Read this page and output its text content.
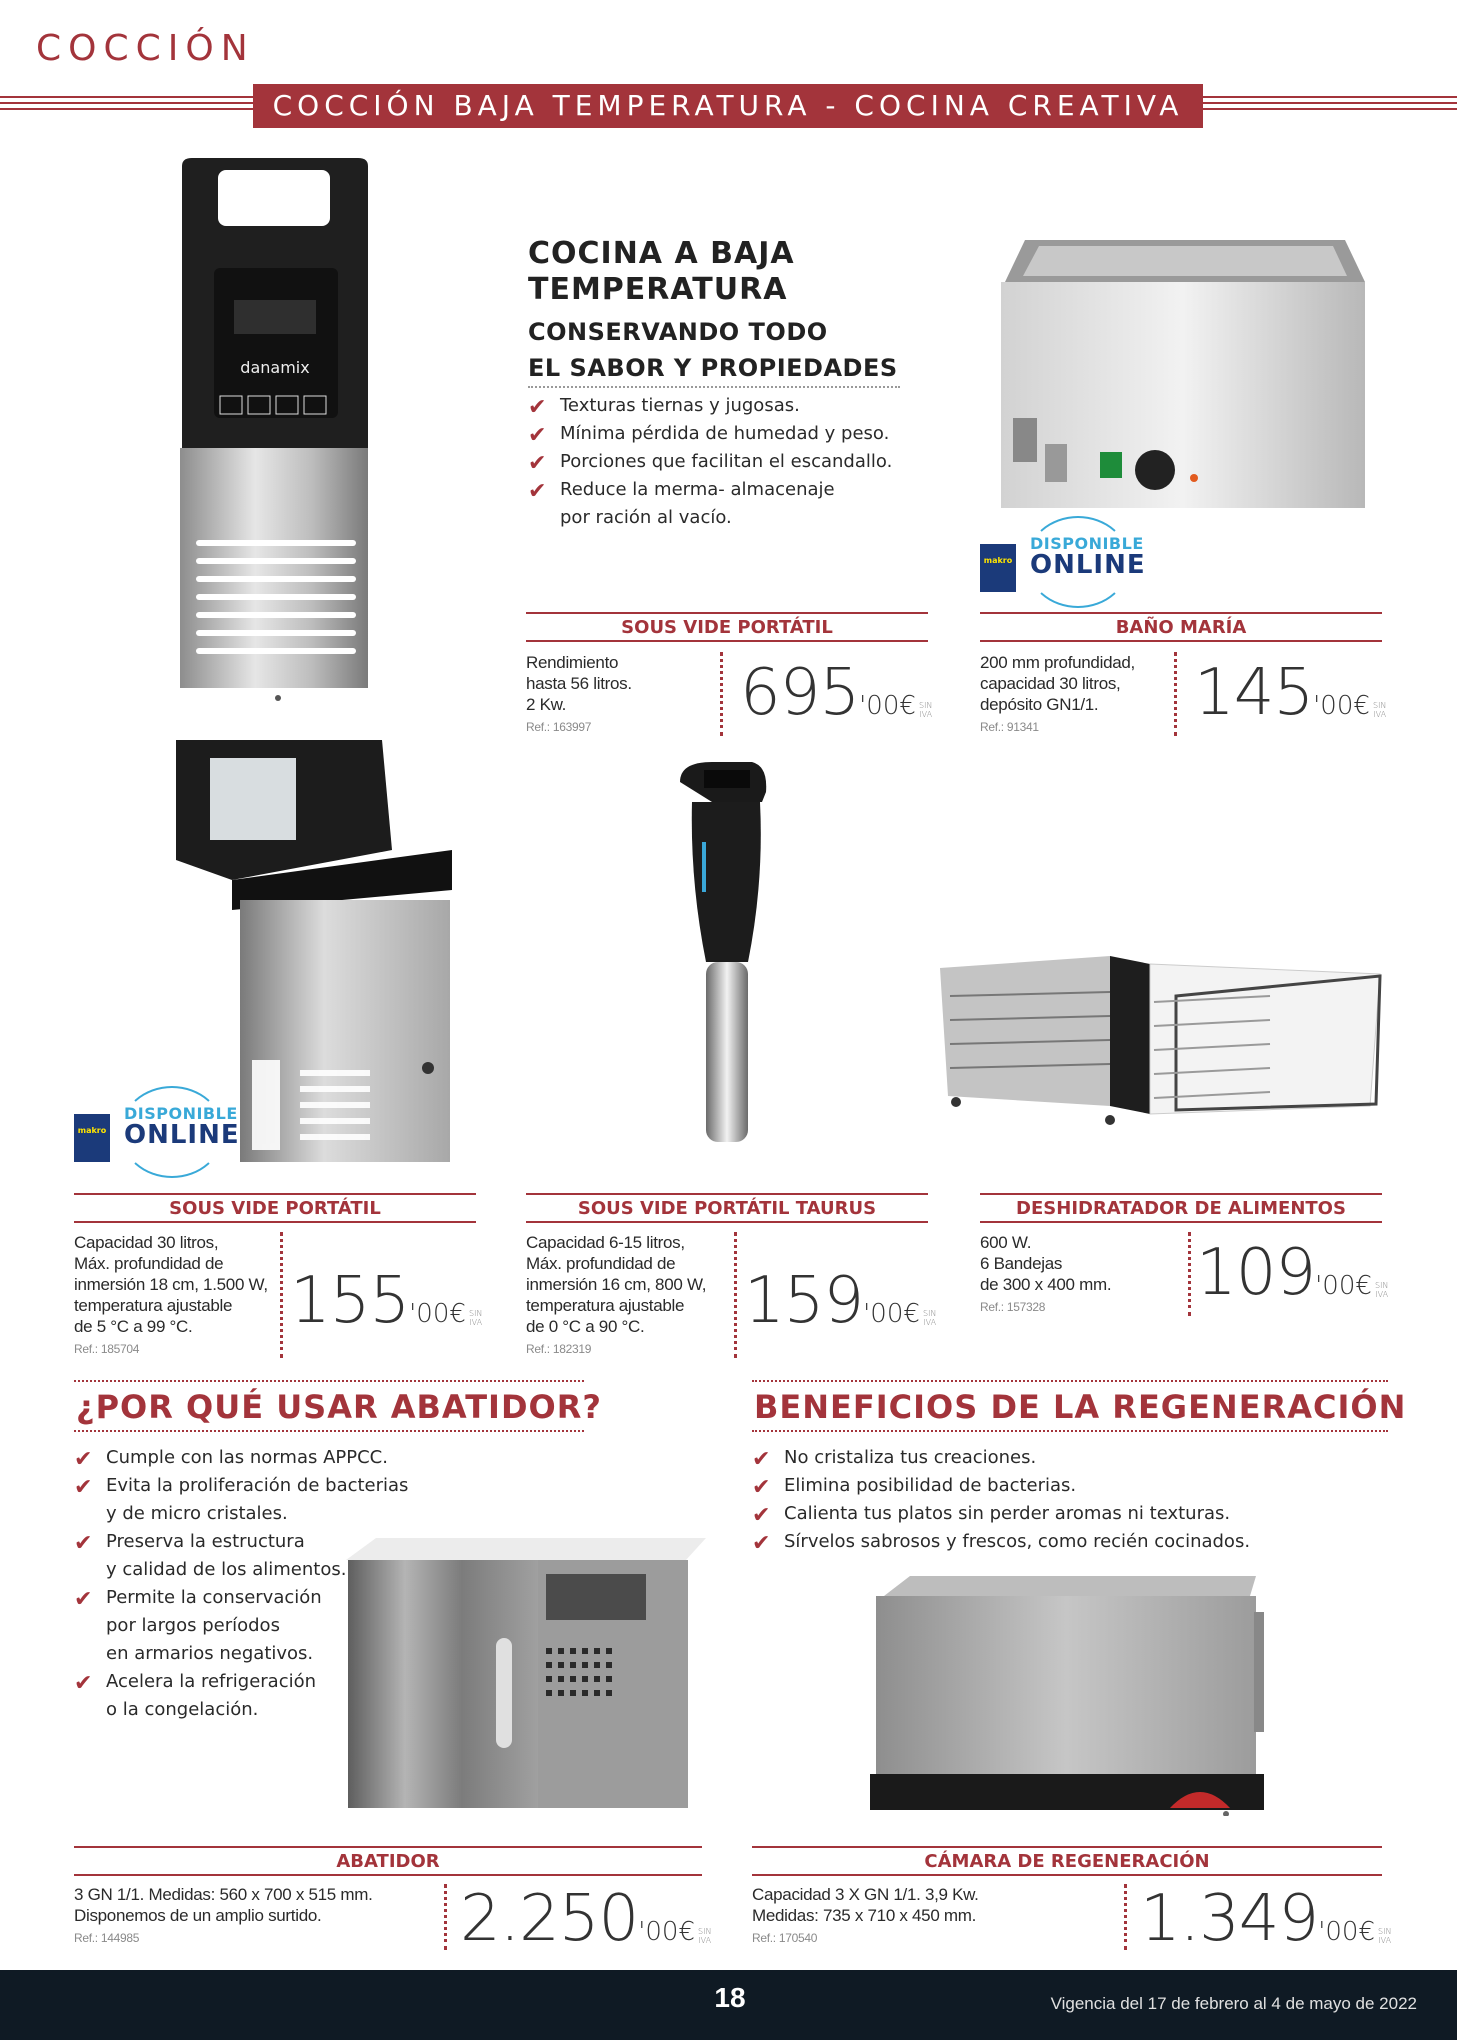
COCCIÓN
COCCIÓN BAJA TEMPERATURA - COCINA CREATIVA
danamix
COCINA A BAJA
TEMPERATURA
CONSERVANDO TODO
EL SABOR Y PROPIEDADES
✔ Texturas tiernas y jugosas.
✔ Mínima pérdida de humedad y peso.
✔ Porciones que facilitan el escandallo.
✔ Reduce la merma- almacenaje
por ración al vacío.
makro
DISPONIBLE
ONLINE
SOUS VIDE PORTÁTIL
Rendimiento
hasta 56 litros.
2 Kw.
Ref.: 163997	695'00€ SIN
IVA
BAÑO MARÍA
200 mm profundidad,
capacidad 30 litros,
depósito GN1/1.
Ref.: 91341	145'00€ SIN
IVA
makro
DISPONIBLE
ONLINE
SOUS VIDE PORTÁTIL
Capacidad 30 litros,
Máx. profundidad de
inmersión 18 cm, 1.500 W,
temperatura ajustable
de 5 °C a 99 °C.
Ref.: 185704
155'00€ SIN
IVA
SOUS VIDE PORTÁTIL TAURUS
Capacidad 6-15 litros,
Máx. profundidad de
inmersión 16 cm, 800 W,
temperatura ajustable
de 0 °C a 90 °C.
Ref.: 182319
159'00€ SIN
IVA
DESHIDRATADOR DE ALIMENTOS
600 W.
6 Bandejas
de 300 x 400 mm.
Ref.: 157328	109'00€ SIN
IVA
¿POR QUÉ USAR ABATIDOR?
✔ Cumple con las normas APPCC.
✔ Evita la proliferación de bacterias
y de micro cristales.
✔ Preserva la estructura
y calidad de los alimentos.
✔ Permite la conservación
por largos períodos
en armarios negativos.
✔ Acelera la refrigeración
o la congelación.
BENEFICIOS DE LA REGENERACIÓN
✔ No cristaliza tus creaciones.
✔ Elimina posibilidad de bacterias.
✔ Calienta tus platos sin perder aromas ni texturas.
✔ Sírvelos sabrosos y frescos, como recién cocinados.
ABATIDOR
3 GN 1/1. Medidas: 560 x 700 x 515 mm.
Disponemos de un amplio surtido.
Ref.: 144985	2.250'00€ SIN
IVA
CÁMARA DE REGENERACIÓN
Capacidad 3 X GN 1/1. 3,9 Kw.
Medidas: 735 x 710 x 450 mm.
Ref.: 170540	1.349'00€ SIN
IVA
18	Vigencia del 17 de febrero al 4 de mayo de 2022
